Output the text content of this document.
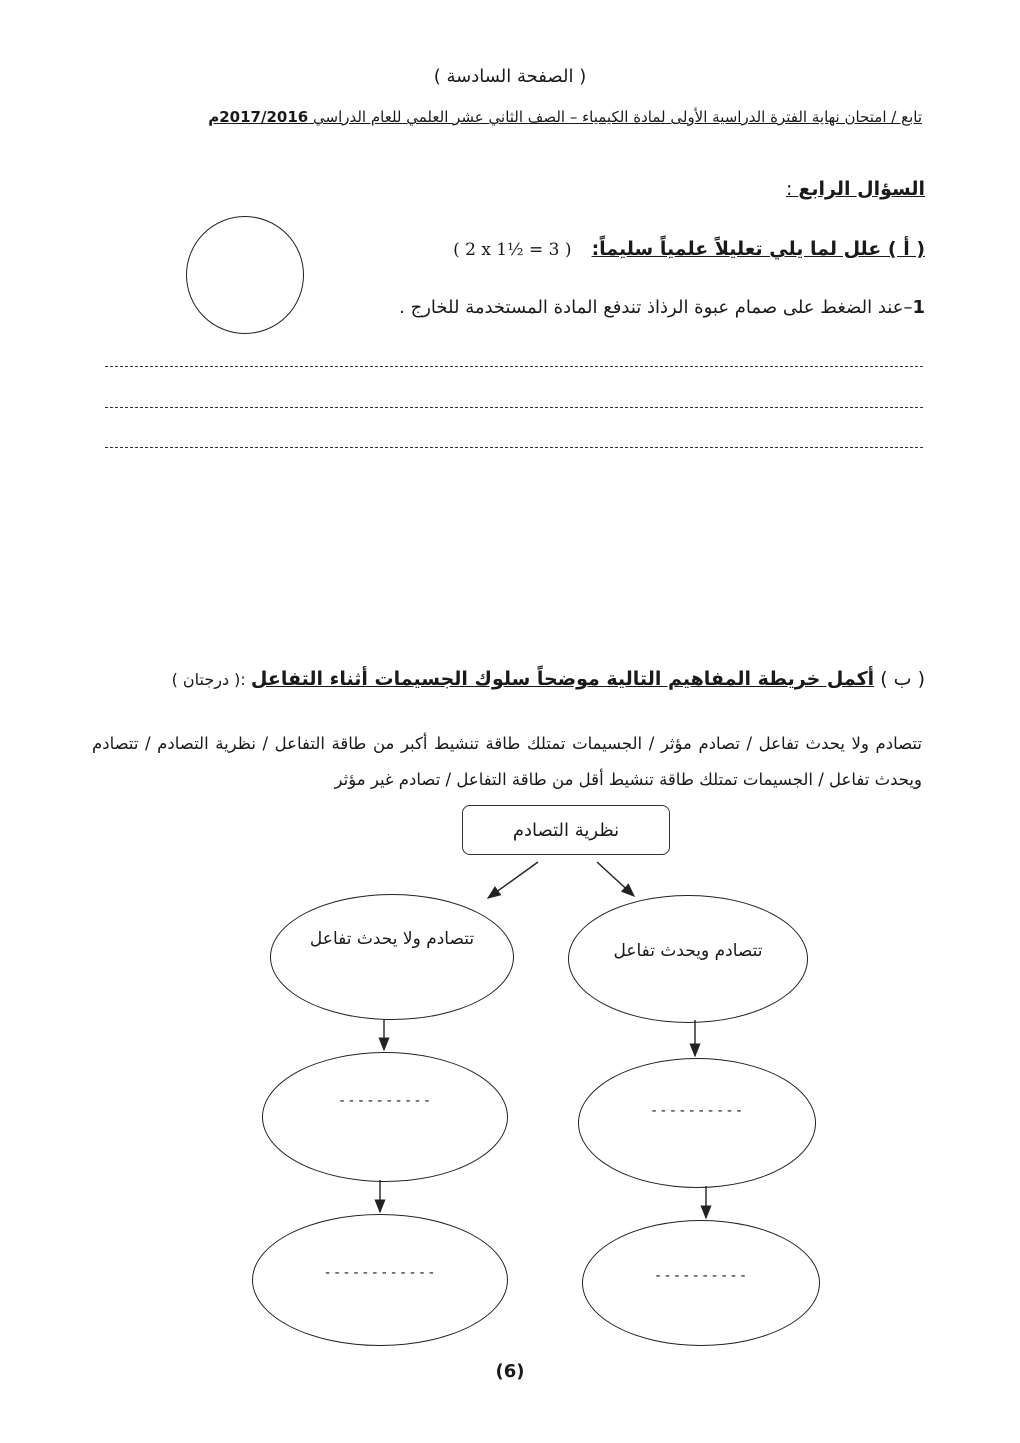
( الصفحة السادسة )
تابع / امتحان نهاية الفترة الدراسية الأولى لمادة الكيمياء – الصف الثاني عشر العلمي للعام الدراسي 2017/2016م
السؤال الرابع :
( أ ) علل لما يلي تعليلاً علمياً سليماً: ( 2 x 1½ = 3 )
1–عند الضغط على صمام عبوة الرذاذ تندفع المادة المستخدمة للخارج .
( ب ) أكمل خريطة المفاهيم التالية موضحاً سلوك الجسيمات أثناء التفاعل :( درجتان )
تتصادم ولا يحدث تفاعل / تصادم مؤثر / الجسيمات تمتلك طاقة تنشيط أكبر من طاقة التفاعل / نظرية التصادم / تتصادم ويحدث تفاعل / الجسيمات تمتلك طاقة تنشيط أقل من طاقة التفاعل / تصادم غير مؤثر
نظرية التصادم
تتصادم ولا يحدث تفاعل
تتصادم ويحدث تفاعل
----------
----------
------------	----------
(6)
